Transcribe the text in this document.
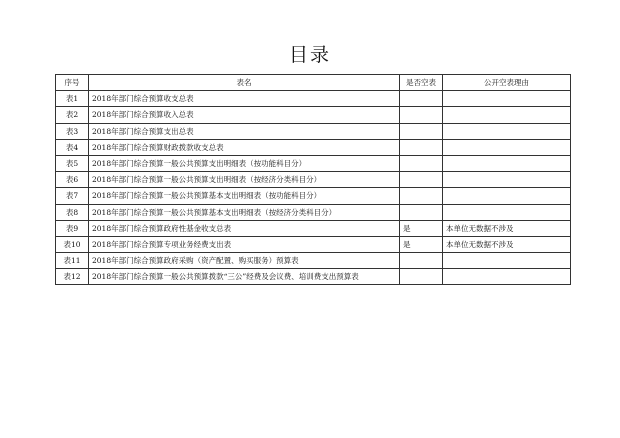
目录
序号	表名	是否空表	公开空表理由
表1	2018年部门综合预算收支总表		
表2	2018年部门综合预算收入总表		
表3	2018年部门综合预算支出总表		
表4	2018年部门综合预算财政拨款收支总表		
表5	2018年部门综合预算一般公共预算支出明细表（按功能科目分）		
表6	2018年部门综合预算一般公共预算支出明细表（按经济分类科目分）		
表7	2018年部门综合预算一般公共预算基本支出明细表（按功能科目分）		
表8	2018年部门综合预算一般公共预算基本支出明细表（按经济分类科目分）		
表9	2018年部门综合预算政府性基金收支总表	是	本单位无数据不涉及
表10	2018年部门综合预算专项业务经费支出表	是	本单位无数据不涉及
表11	2018年部门综合预算政府采购（资产配置、购买服务）预算表		
表12	2018年部门综合预算一般公共预算拨款“三公”经费及会议费、培训费支出预算表		
